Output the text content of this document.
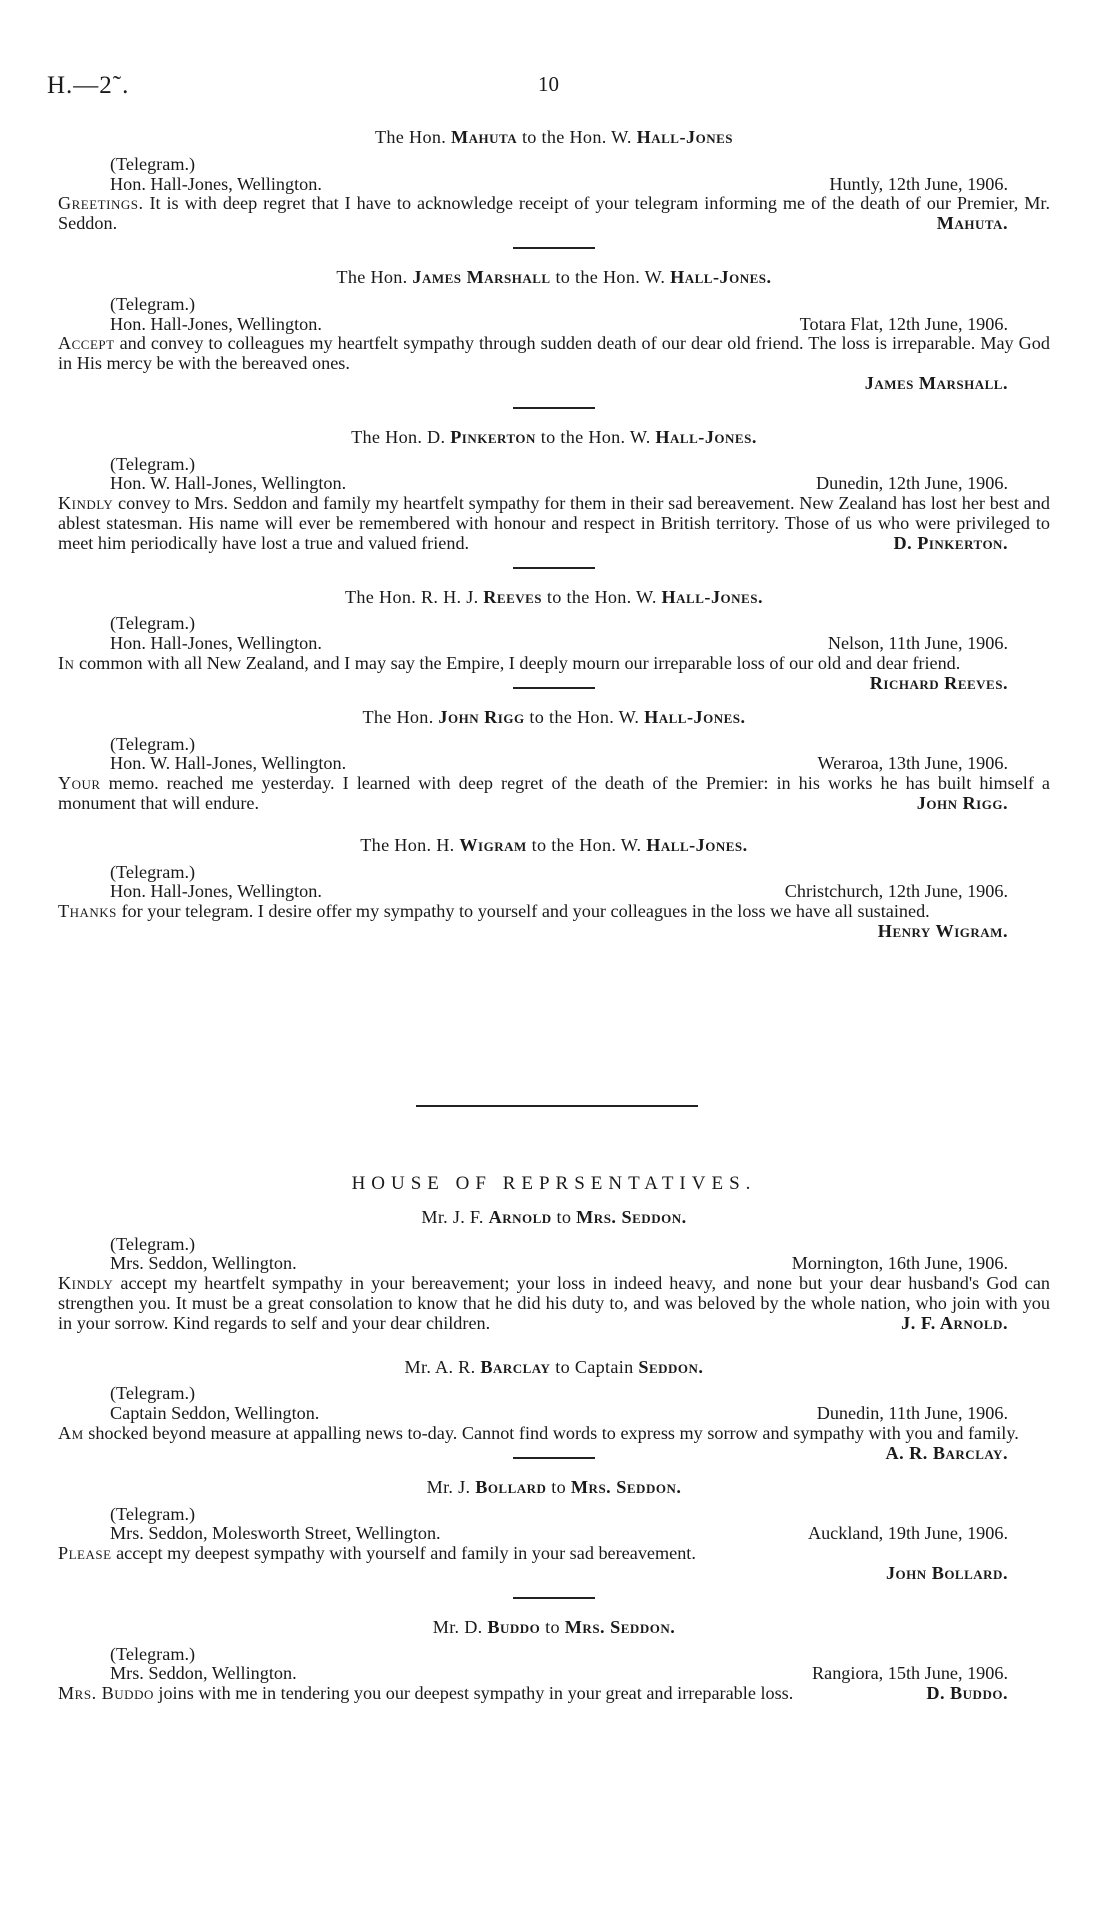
H.—2˜.	10
The Hon. Mahuta to the Hon. W. Hall-Jones
(Telegram.)
Hon. Hall-Jones, Wellington.	Huntly, 12th June, 1906.
Greetings. It is with deep regret that I have to acknowledge receipt of your telegram informing me of the death of our Premier, Mr. Seddon.	Mahuta.
The Hon. James Marshall to the Hon. W. Hall-Jones.
(Telegram.)
Hon. Hall-Jones, Wellington.	Totara Flat, 12th June, 1906.
Accept and convey to colleagues my heartfelt sympathy through sudden death of our dear old friend. The loss is irreparable. May God in His mercy be with the bereaved ones.
James Marshall.
The Hon. D. Pinkerton to the Hon. W. Hall-Jones.
(Telegram.)
Hon. W. Hall-Jones, Wellington.	Dunedin, 12th June, 1906.
Kindly convey to Mrs. Seddon and family my heartfelt sympathy for them in their sad bereavement. New Zealand has lost her best and ablest statesman. His name will ever be remembered with honour and respect in British territory. Those of us who were privileged to meet him periodically have lost a true and valued friend.	D. Pinkerton.
The Hon. R. H. J. Reeves to the Hon. W. Hall-Jones.
(Telegram.)
Hon. Hall-Jones, Wellington.	Nelson, 11th June, 1906.
In common with all New Zealand, and I may say the Empire, I deeply mourn our irreparable loss of our old and dear friend.
Richard Reeves.
The Hon. John Rigg to the Hon. W. Hall-Jones.
(Telegram.)
Hon. W. Hall-Jones, Wellington.	Weraroa, 13th June, 1906.
Your memo. reached me yesterday. I learned with deep regret of the death of the Premier: in his works he has built himself a monument that will endure.	John Rigg.
The Hon. H. Wigram to the Hon. W. Hall-Jones.
(Telegram.)
Hon. Hall-Jones, Wellington.	Christchurch, 12th June, 1906.
Thanks for your telegram. I desire offer my sympathy to yourself and your colleagues in the loss we have all sustained.
Henry Wigram.
HOUSE OF REPRSENTATIVES.
Mr. J. F. Arnold to Mrs. Seddon.
(Telegram.)
Mrs. Seddon, Wellington.	Mornington, 16th June, 1906.
Kindly accept my heartfelt sympathy in your bereavement; your loss in indeed heavy, and none but your dear husband's God can strengthen you. It must be a great consolation to know that he did his duty to, and was beloved by the whole nation, who join with you in your sorrow. Kind regards to self and your dear children.	J. F. Arnold.
Mr. A. R. Barclay to Captain Seddon.
(Telegram.)
Captain Seddon, Wellington.	Dunedin, 11th June, 1906.
Am shocked beyond measure at appalling news to-day. Cannot find words to express my sorrow and sympathy with you and family.
A. R. Barclay.
Mr. J. Bollard to Mrs. Seddon.
(Telegram.)
Mrs. Seddon, Molesworth Street, Wellington.	Auckland, 19th June, 1906.
Please accept my deepest sympathy with yourself and family in your sad bereavement.
John Bollard.
Mr. D. Buddo to Mrs. Seddon.
(Telegram.)
Mrs. Seddon, Wellington.	Rangiora, 15th June, 1906.
Mrs. Buddo joins with me in tendering you our deepest sympathy in your great and irreparable loss.	D. Buddo.
